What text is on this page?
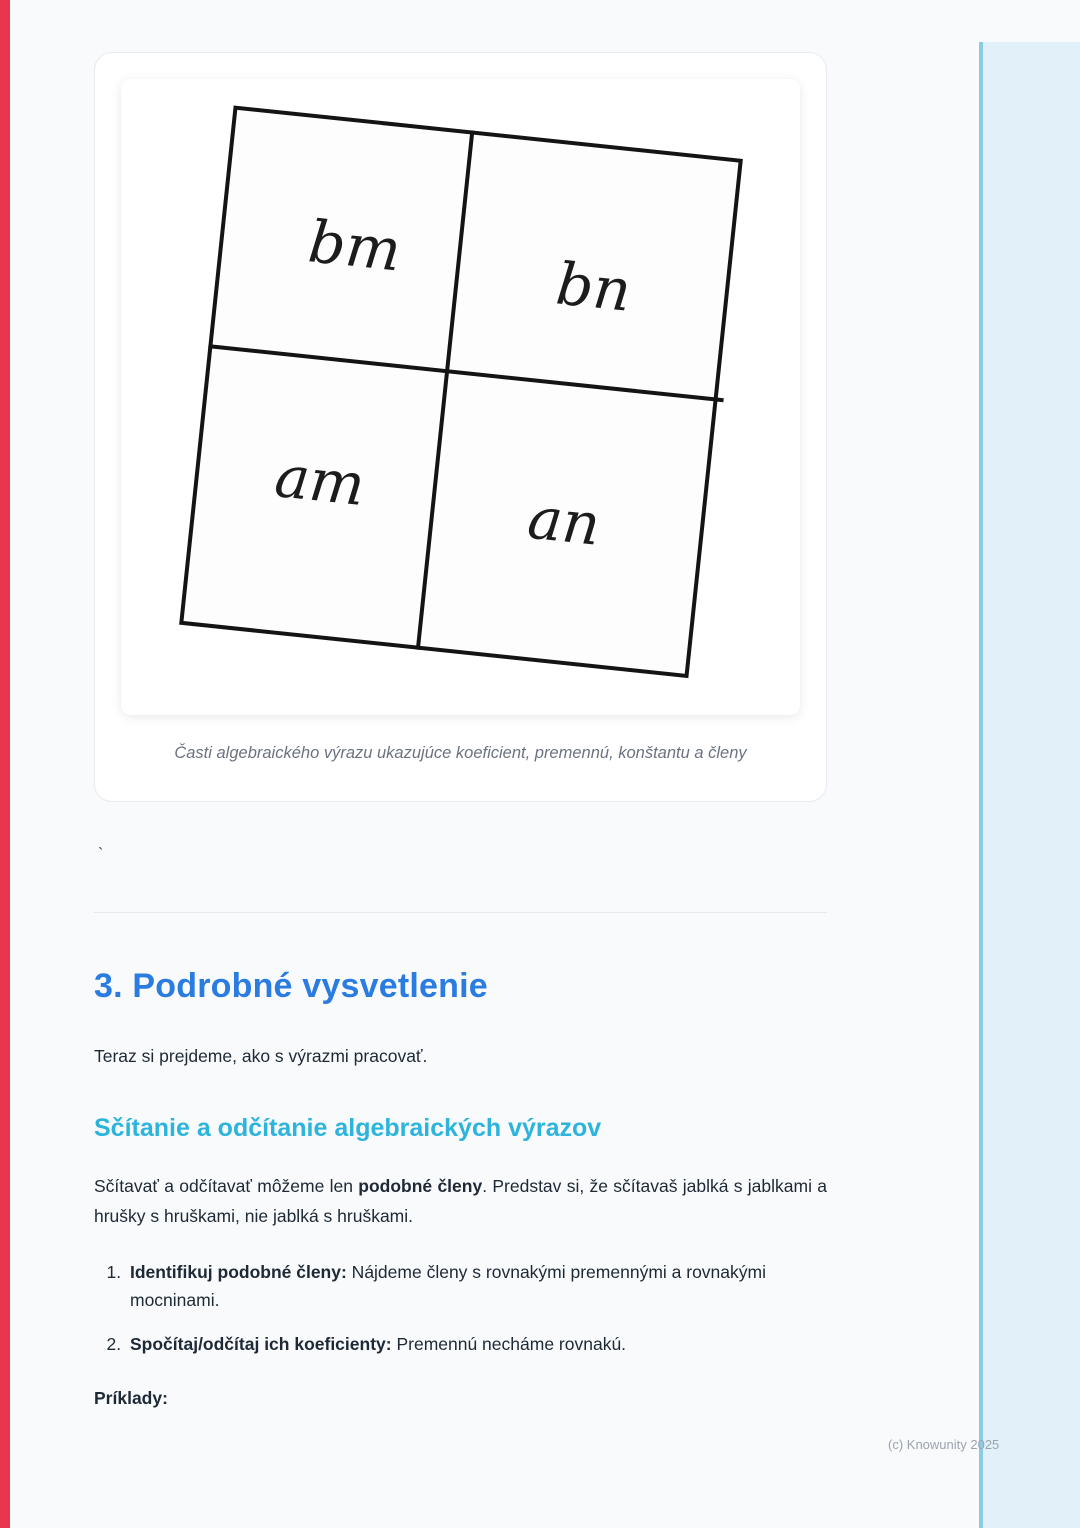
bm
bn
am
an
Časti algebraického výrazu ukazujúce koeficient, premennú, konštantu a členy
`
3. Podrobné vysvetlenie

Teraz si prejdeme, ako s výrazmi pracovať.

Sčítanie a odčítanie algebraických výrazov

Sčítavať a odčítavať môžeme len podobné členy. Predstav si, že sčítavaš jablká s jablkami a hrušky s hruškami, nie jablká s hruškami.

1. Identifikuj podobné členy: Nájdeme členy s rovnakými premennými a rovnakými mocninami.
2. Spočítaj/odčítaj ich koeficienty: Premennú necháme rovnakú.

Príklady:

(c) Knowunity 2025
